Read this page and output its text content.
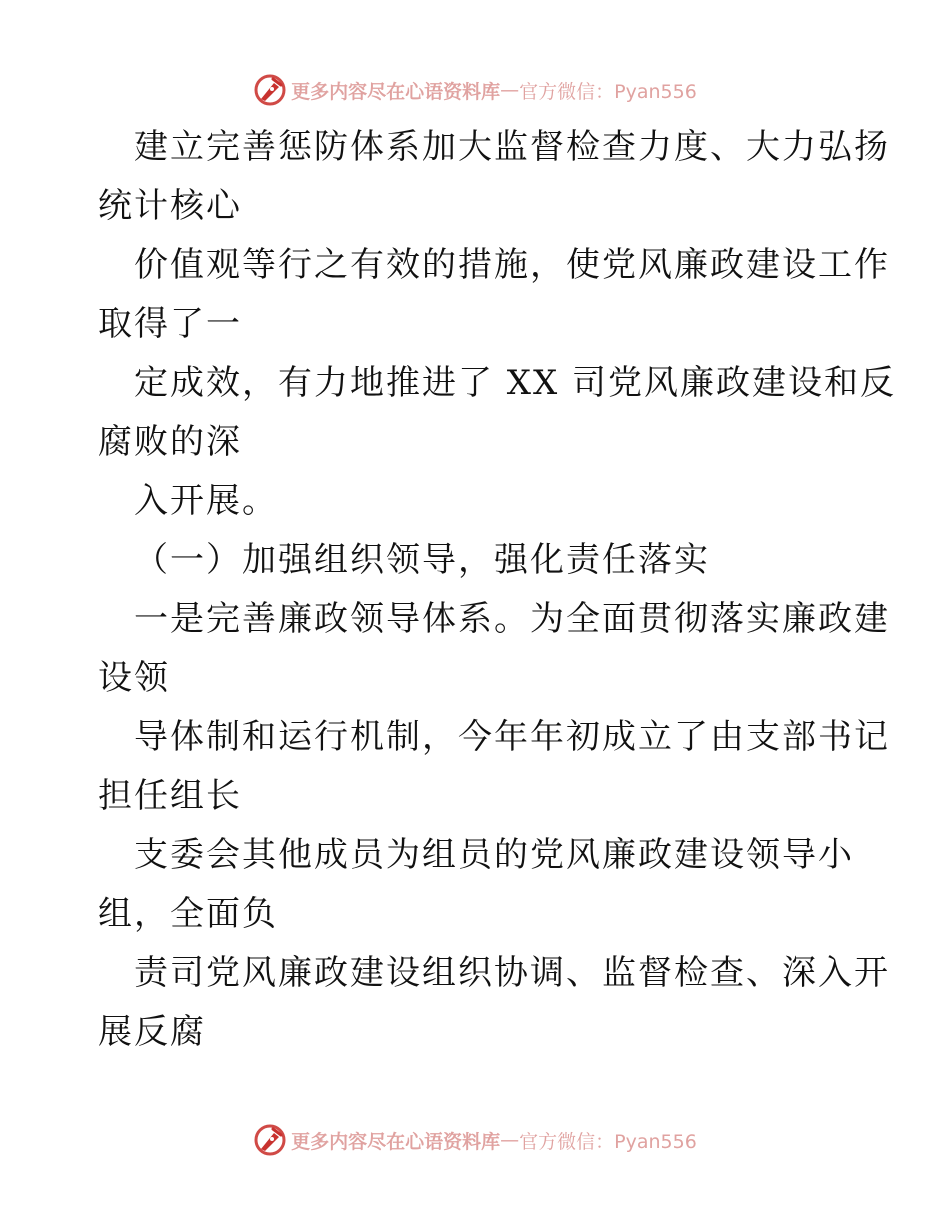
更多内容尽在心语资料库 — 官方微信：Pyan556
建立完善惩防体系加大监督检查力度、大力弘扬
统计核心
价值观等行之有效的措施，使党风廉政建设工作
取得了一
定成效，有力地推进了 XX 司党风廉政建设和反
腐败的深
入开展。
（一）加强组织领导，强化责任落实
一是完善廉政领导体系。为全面贯彻落实廉政建
设领
导体制和运行机制，今年年初成立了由支部书记
担任组长
支委会其他成员为组员的党风廉政建设领导小
组，全面负
责司党风廉政建设组织协调、监督检查、深入开
展反腐
更多内容尽在心语资料库 — 官方微信：Pyan556
